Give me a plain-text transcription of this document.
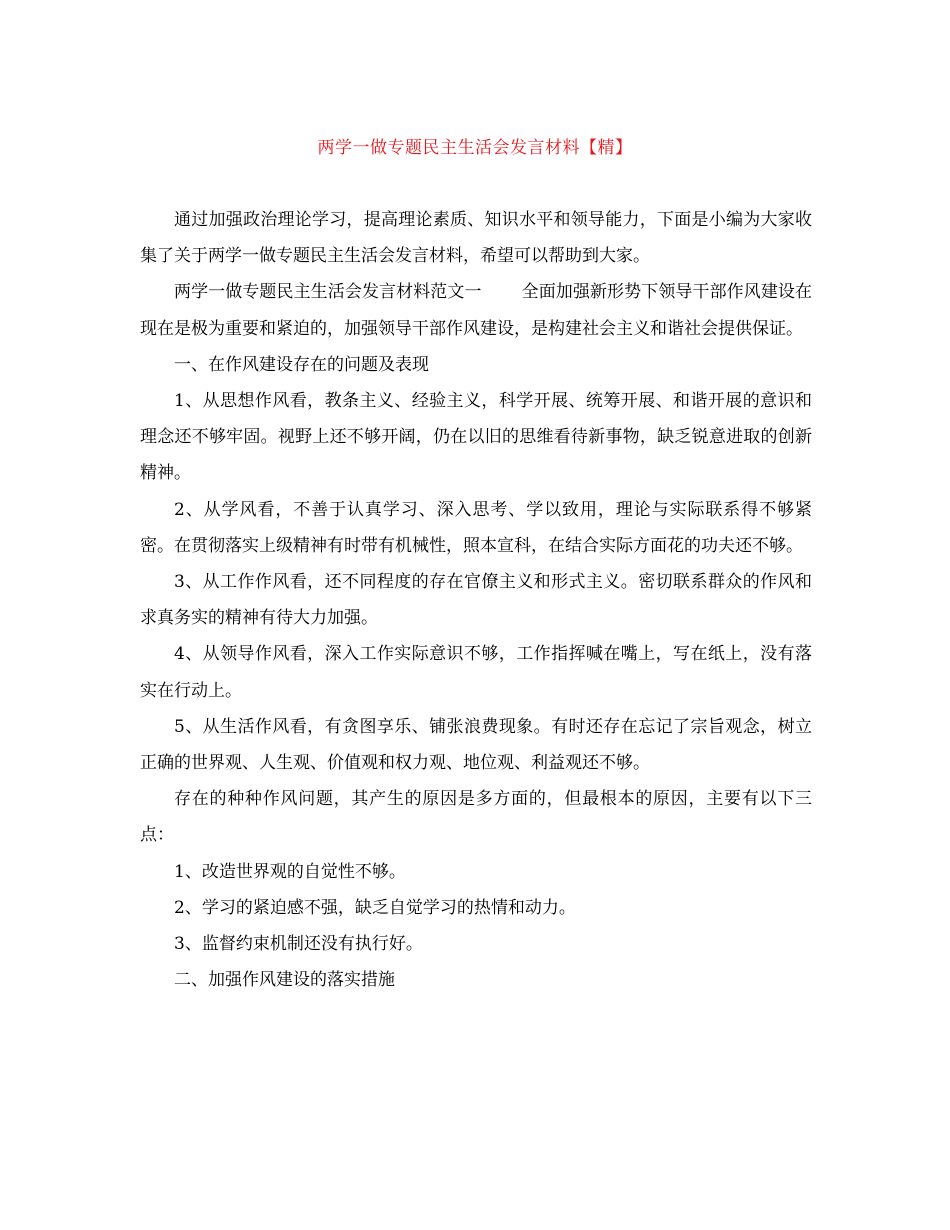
两学一做专题民主生活会发言材料【精】

通过加强政治理论学习，提高理论素质、知识水平和领导能力，下面是小编为大家收集了关于两学一做专题民主生活会发言材料，希望可以帮助到大家。

两学一做专题民主生活会发言材料范文一 全面加强新形势下领导干部作风建设在现在是极为重要和紧迫的，加强领导干部作风建设，是构建社会主义和谐社会提供保证。

一、在作风建设存在的问题及表现

1、从思想作风看，教条主义、经验主义，科学开展、统筹开展、和谐开展的意识和理念还不够牢固。视野上还不够开阔，仍在以旧的思维看待新事物，缺乏锐意进取的创新精神。

2、从学风看，不善于认真学习、深入思考、学以致用，理论与实际联系得不够紧密。在贯彻落实上级精神有时带有机械性，照本宣科，在结合实际方面花的功夫还不够。

3、从工作作风看，还不同程度的存在官僚主义和形式主义。密切联系群众的作风和求真务实的精神有待大力加强。

4、从领导作风看，深入工作实际意识不够，工作指挥喊在嘴上，写在纸上，没有落实在行动上。

5、从生活作风看，有贪图享乐、铺张浪费现象。有时还存在忘记了宗旨观念，树立正确的世界观、人生观、价值观和权力观、地位观、利益观还不够。

存在的种种作风问题，其产生的原因是多方面的，但最根本的原因，主要有以下三点：

1、改造世界观的自觉性不够。

2、学习的紧迫感不强，缺乏自觉学习的热情和动力。

3、监督约束机制还没有执行好。

二、加强作风建设的落实措施
